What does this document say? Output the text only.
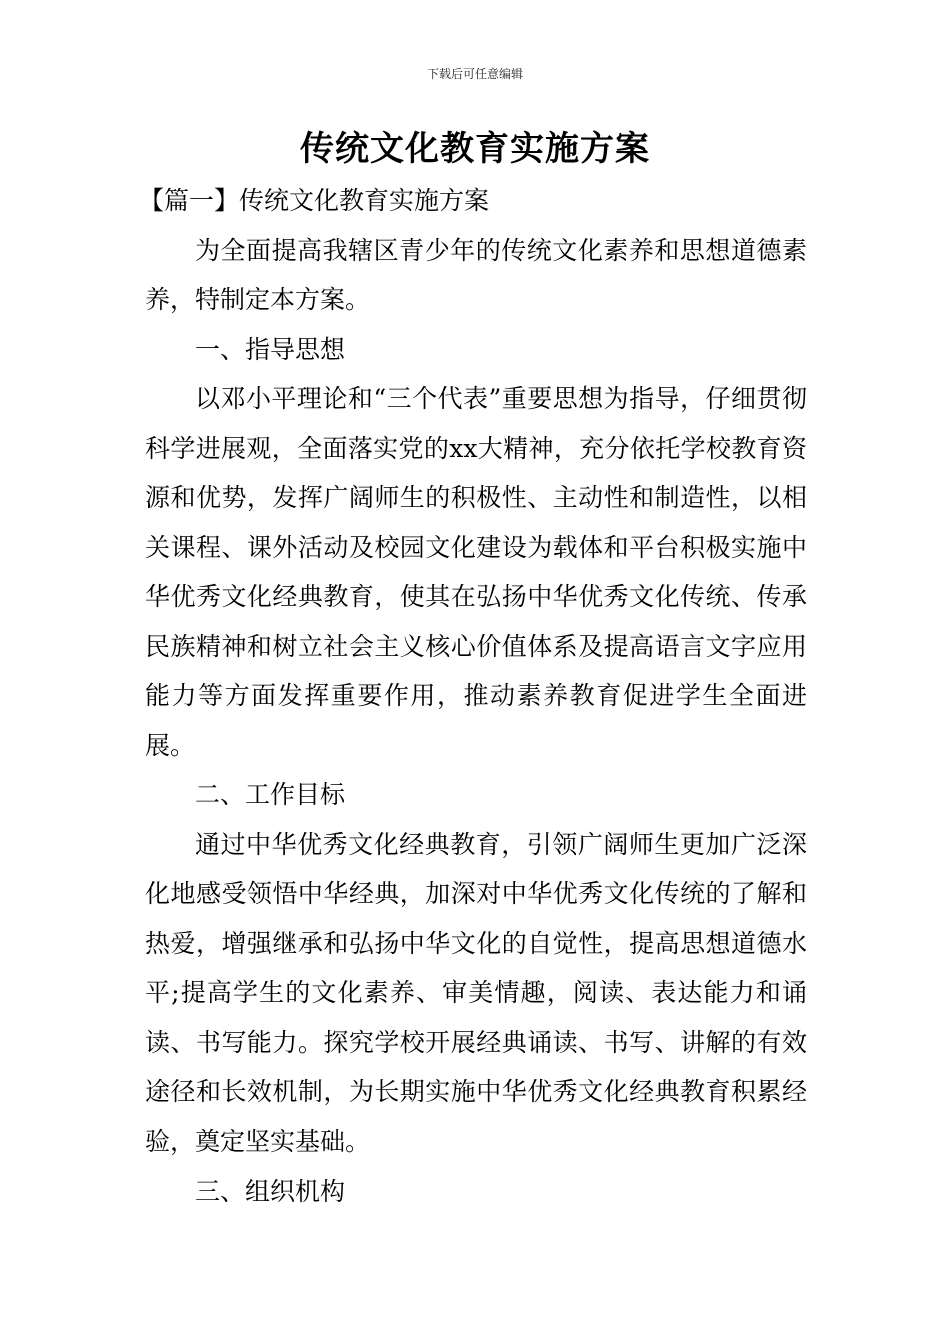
下载后可任意编辑
传统文化教育实施方案

【篇一】传统文化教育实施方案

为全面提高我辖区青少年的传统文化素养和思想道德素养，特制定本方案。

一、指导思想

以邓小平理论和“三个代表”重要思想为指导，仔细贯彻科学进展观，全面落实党的xx大精神，充分依托学校教育资源和优势，发挥广阔师生的积极性、主动性和制造性，以相关课程、课外活动及校园文化建设为载体和平台积极实施中华优秀文化经典教育，使其在弘扬中华优秀文化传统、传承民族精神和树立社会主义核心价值体系及提高语言文字应用能力等方面发挥重要作用，推动素养教育促进学生全面进展。

二、工作目标

通过中华优秀文化经典教育，引领广阔师生更加广泛深化地感受领悟中华经典，加深对中华优秀文化传统的了解和热爱，增强继承和弘扬中华文化的自觉性，提高思想道德水平;提高学生的文化素养、审美情趣，阅读、表达能力和诵读、书写能力。探究学校开展经典诵读、书写、讲解的有效途径和长效机制，为长期实施中华优秀文化经典教育积累经验，奠定坚实基础。

三、组织机构
